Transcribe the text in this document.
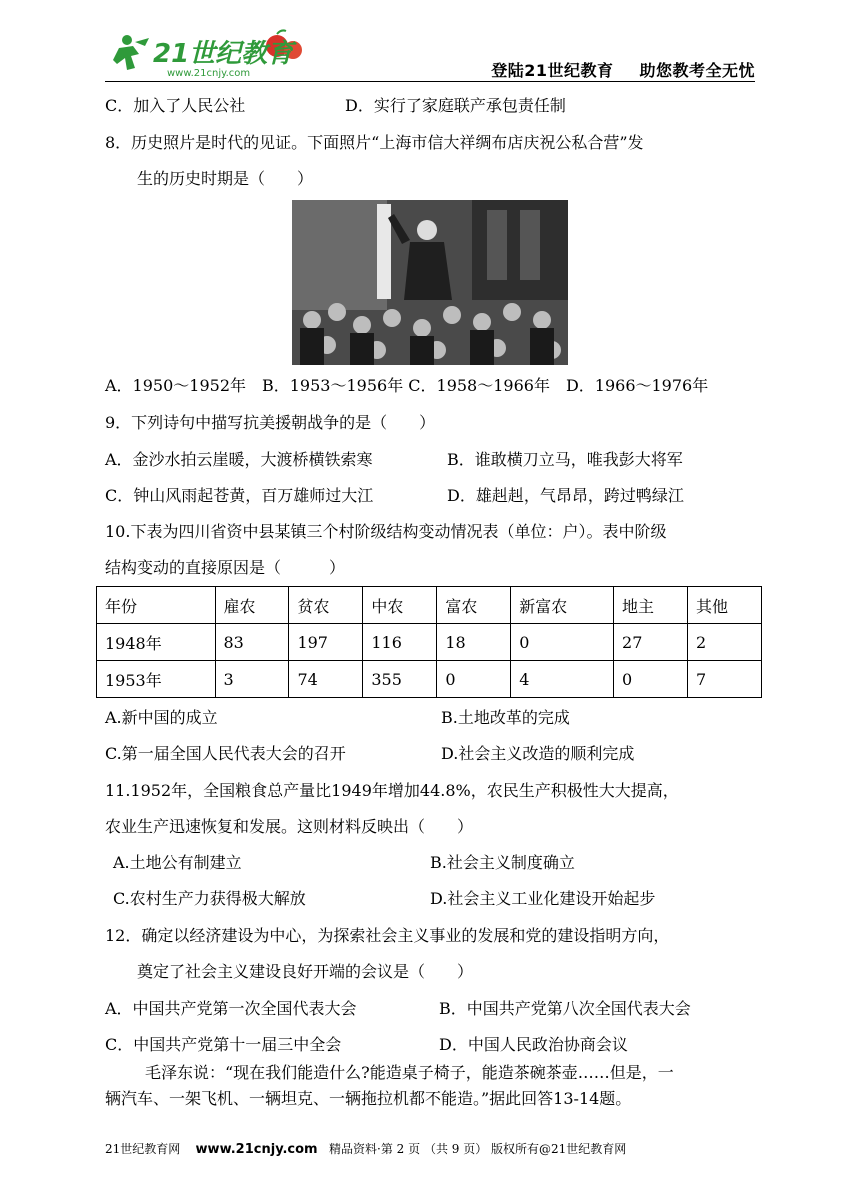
21世纪教育
www.21cnjy.com	登陆21世纪教育 助您教考全无忧
C．加入了人民公社	D．实行了家庭联产承包责任制
8．历史照片是时代的见证。下面照片“上海市信大祥绸布店庆祝公私合营”发
生的历史时期是（　　）
A．1950～1952年　B．1953～1956年 C．1958～1966年　D．1966～1976年
9．下列诗句中描写抗美援朝战争的是（　　）
A．金沙水拍云崖暖，大渡桥横铁索寒	B．谁敢横刀立马，唯我彭大将军
C．钟山风雨起苍黄，百万雄师过大江	D．雄赳赳，气昂昂，跨过鸭绿江
10.下表为四川省资中县某镇三个村阶级结构变动情况表（单位：户）。表中阶级
结构变动的直接原因是（　　　）
年份	雇农	贫农	中农	富农	新富农	地主	其他
1948年	83	197	116	18	0	27	2
1953年	3	74	355	0	4	0	7
A.新中国的成立	B.土地改革的完成
C.第一届全国人民代表大会的召开	D.社会主义改造的顺利完成
11.1952年，全国粮食总产量比1949年增加44.8%，农民生产积极性大大提高，
农业生产迅速恢复和发展。这则材料反映出（　　）
A.土地公有制建立	B.社会主义制度确立
C.农村生产力获得极大解放	D.社会主义工业化建设开始起步
12．确定以经济建设为中心，为探索社会主义事业的发展和党的建设指明方向，
奠定了社会主义建设良好开端的会议是（　　）
A．中国共产党第一次全国代表大会	B．中国共产党第八次全国代表大会
C．中国共产党第十一届三中全会	D．中国人民政治协商会议
毛泽东说：“现在我们能造什么?能造桌子椅子，能造茶碗茶壶……但是，一
辆汽车、一架飞机、一辆坦克、一辆拖拉机都不能造。”据此回答13-14题。
21世纪教育网 www.21cnjy.com 精品资料·第 2 页 （共 9 页） 版权所有@21世纪教育网
